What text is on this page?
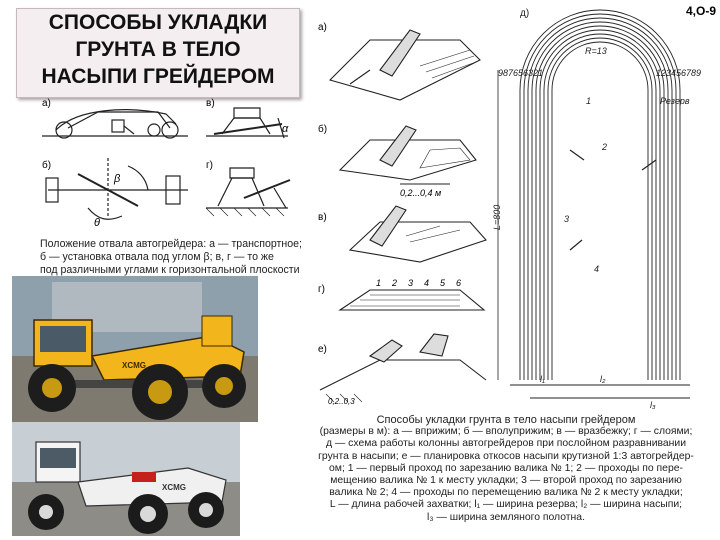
СПОСОБЫ УКЛАДКИ
ГРУНТА В ТЕЛО
НАСЫПИ ГРЕЙДЕРОМ
4,О-9
а)	в)
б)	г)
β
θ
α
Положение отвала автогрейдера: а — транспортное;
б — установка отвала под углом β; в, г — то же
под различными углами к горизонтальной плоскости
XCMG
XCMG
а)
б)
в)
г)
е)
0,2...0,4 м
0,2..0,3
1 2 3 4 5 6
д)
R=13
987656321	123456789
Резерв
L=800
1
2
3
4
l₁	l₂
l₃
Способы укладки грунта в тело насыпи грейдером
(размеры в м): а — вприжим; б — вполуприжим; в — вразбежку; г — слоями;
д — схема работы колонны автогрейдеров при послойном разравнивании
грунта в насыпи; е — планировка откосов насыпи крутизной 1:3 автогрейдер-
ом; 1 — первый проход по зарезанию валика № 1; 2 — проходы по пере-
мещению валика № 1 к месту укладки; 3 — второй проход по зарезанию
валика № 2; 4 — проходы по перемещению валика № 2 к месту укладки;
L — длина рабочей захватки; l₁ — ширина резерва; l₂ — ширина насыпи;
l₃ — ширина земляного полотна.
